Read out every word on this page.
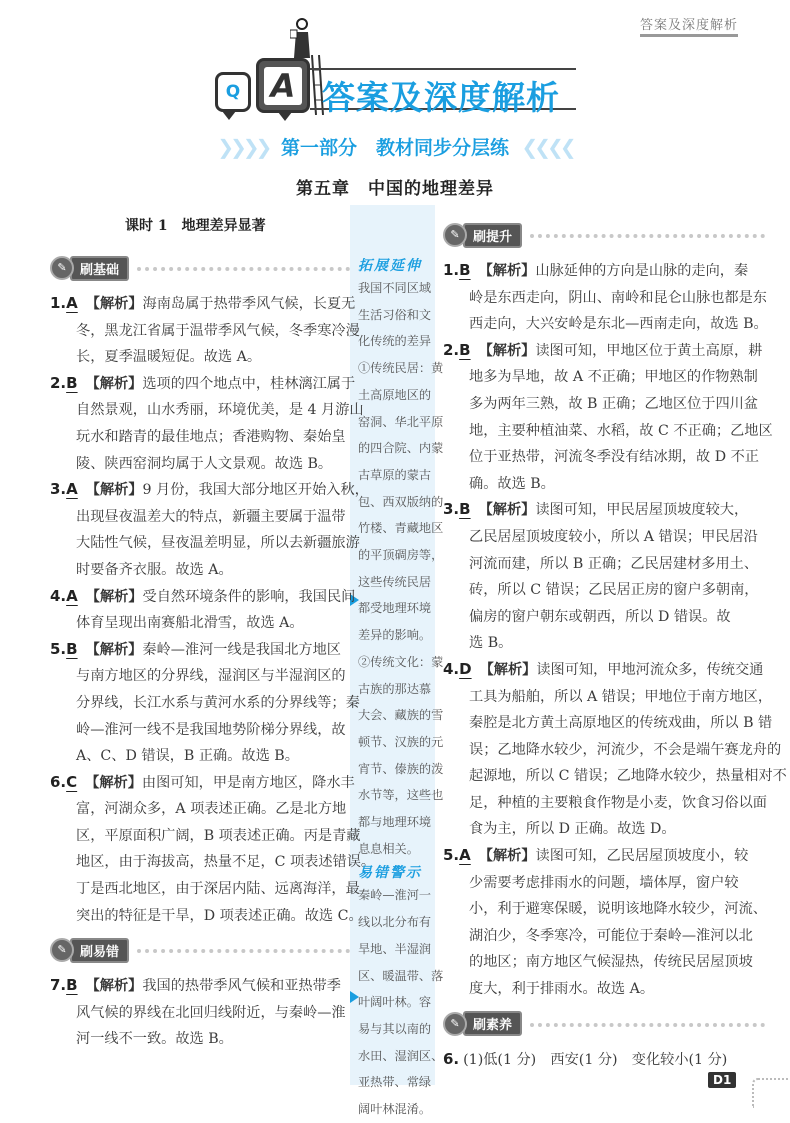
答案及深度解析
Q A 答案及深度解析
❯❯❯❯   第一部分　教材同步分层练   ❮❮❮❮
第五章　中国的地理差异
课时 1　地理差异显著
✎	刷基础
1.A 【解析】海南岛属于热带季风气候，长夏无
冬，黑龙江省属于温带季风气候，冬季寒冷漫
长，夏季温暖短促。故选 A。
2.B 【解析】选项的四个地点中，桂林漓江属于
自然景观，山水秀丽，环境优美，是 4 月游山
玩水和踏青的最佳地点；香港购物、秦始皇
陵、陕西窑洞均属于人文景观。故选 B。
3.A 【解析】9 月份，我国大部分地区开始入秋，
出现昼夜温差大的特点，新疆主要属于温带
大陆性气候，昼夜温差明显，所以去新疆旅游
时要备齐衣服。故选 A。
4.A 【解析】受自然环境条件的影响，我国民间
体育呈现出南赛船北滑雪，故选 A。
5.B 【解析】秦岭—淮河一线是我国北方地区
与南方地区的分界线，湿润区与半湿润区的
分界线，长江水系与黄河水系的分界线等；秦
岭—淮河一线不是我国地势阶梯分界线，故
A、C、D 错误，B 正确。故选 B。
6.C 【解析】由图可知，甲是南方地区，降水丰
富，河湖众多，A 项表述正确。乙是北方地
区，平原面积广阔，B 项表述正确。丙是青藏
地区，由于海拔高，热量不足，C 项表述错误。
丁是西北地区，由于深居内陆、远离海洋，最
突出的特征是干旱，D 项表述正确。故选 C。
✎	刷易错
7.B 【解析】我国的热带季风气候和亚热带季
风气候的界线在北回归线附近，与秦岭—淮
河一线不一致。故选 B。
拓展延伸
我国不同区域
生活习俗和文
化传统的差异
①传统民居：黄
土高原地区的
窑洞、华北平原
的四合院、内蒙
古草原的蒙古
包、西双版纳的
竹楼、青藏地区
的平顶碉房等，
这些传统民居
都受地理环境
差异的影响。
②传统文化：蒙
古族的那达慕
大会、藏族的雪
顿节、汉族的元
宵节、傣族的泼
水节等，这些也
都与地理环境
息息相关。
易错警示
秦岭—淮河一
线以北分布有
旱地、半湿润
区、暖温带、落
叶阔叶林。容
易与其以南的
水田、湿润区、
亚热带、常绿
阔叶林混淆。
✎	刷提升
1.B 【解析】山脉延伸的方向是山脉的走向，秦
岭是东西走向，阴山、南岭和昆仑山脉也都是东
西走向，大兴安岭是东北—西南走向，故选 B。
2.B 【解析】读图可知，甲地区位于黄土高原，耕
地多为旱地，故 A 不正确；甲地区的作物熟制
多为两年三熟，故 B 正确；乙地区位于四川盆
地，主要种植油菜、水稻，故 C 不正确；乙地区
位于亚热带，河流冬季没有结冰期，故 D 不正
确。故选 B。
3.B 【解析】读图可知，甲民居屋顶坡度较大，
乙民居屋顶坡度较小，所以 A 错误；甲民居沿
河流而建，所以 B 正确；乙民居建材多用土、
砖，所以 C 错误；乙民居正房的窗户多朝南，
偏房的窗户朝东或朝西，所以 D 错误。故
选 B。
4.D 【解析】读图可知，甲地河流众多，传统交通
工具为船舶，所以 A 错误；甲地位于南方地区，
秦腔是北方黄土高原地区的传统戏曲，所以 B 错
误；乙地降水较少，河流少，不会是端午赛龙舟的
起源地，所以 C 错误；乙地降水较少，热量相对不
足，种植的主要粮食作物是小麦，饮食习俗以面
食为主，所以 D 正确。故选 D。
5.A 【解析】读图可知，乙民居屋顶坡度小，较
少需要考虑排雨水的问题，墙体厚，窗户较
小，利于避寒保暖，说明该地降水较少，河流、
湖泊少，冬季寒冷，可能位于秦岭—淮河以北
的地区；南方地区气候湿热，传统民居屋顶坡
度大，利于排雨水。故选 A。
✎	刷素养
6. (1)低(1 分)　西安(1 分)　变化较小(1 分)
D1
